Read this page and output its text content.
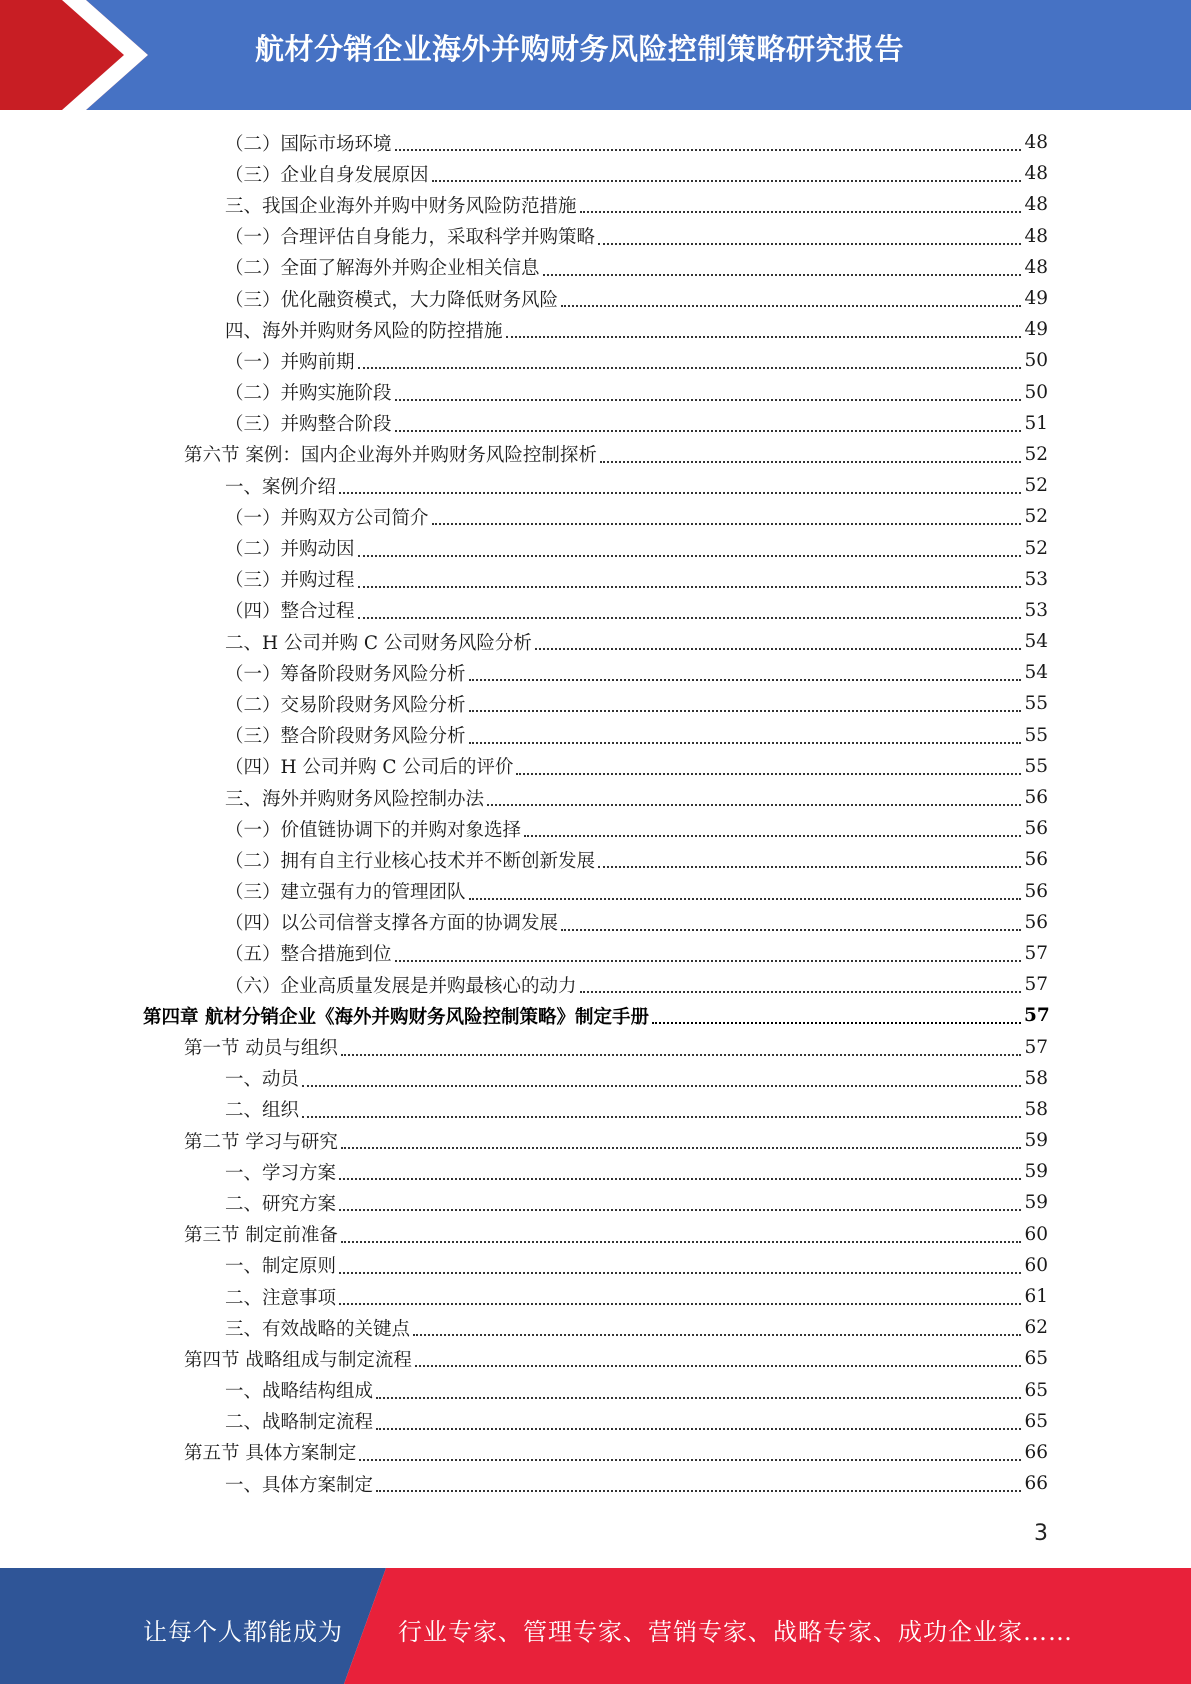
航材分销企业海外并购财务风险控制策略研究报告
（二）国际市场环境	48
（三）企业自身发展原因	48
三、我国企业海外并购中财务风险防范措施	48
（一）合理评估自身能力，采取科学并购策略	48
（二）全面了解海外并购企业相关信息	48
（三）优化融资模式，大力降低财务风险	49
四、海外并购财务风险的防控措施	49
（一）并购前期	50
（二）并购实施阶段	50
（三）并购整合阶段	51
第六节 案例：国内企业海外并购财务风险控制探析	52
一、案例介绍	52
（一）并购双方公司简介	52
（二）并购动因	52
（三）并购过程	53
（四）整合过程	53
二、H 公司并购 C 公司财务风险分析	54
（一）筹备阶段财务风险分析	54
（二）交易阶段财务风险分析	55
（三）整合阶段财务风险分析	55
（四）H 公司并购 C 公司后的评价	55
三、海外并购财务风险控制办法	56
（一）价值链协调下的并购对象选择	56
（二）拥有自主行业核心技术并不断创新发展	56
（三）建立强有力的管理团队	56
（四）以公司信誉支撑各方面的协调发展	56
（五）整合措施到位	57
（六）企业高质量发展是并购最核心的动力	57
第四章 航材分销企业《海外并购财务风险控制策略》制定手册	57
第一节 动员与组织	57
一、动员	58
二、组织	58
第二节 学习与研究	59
一、学习方案	59
二、研究方案	59
第三节 制定前准备	60
一、制定原则	60
二、注意事项	61
三、有效战略的关键点	62
第四节 战略组成与制定流程	65
一、战略结构组成	65
二、战略制定流程	65
第五节 具体方案制定	66
一、具体方案制定	66
3
让每个人都能成为 行业专家、管理专家、营销专家、战略专家、成功企业家……
